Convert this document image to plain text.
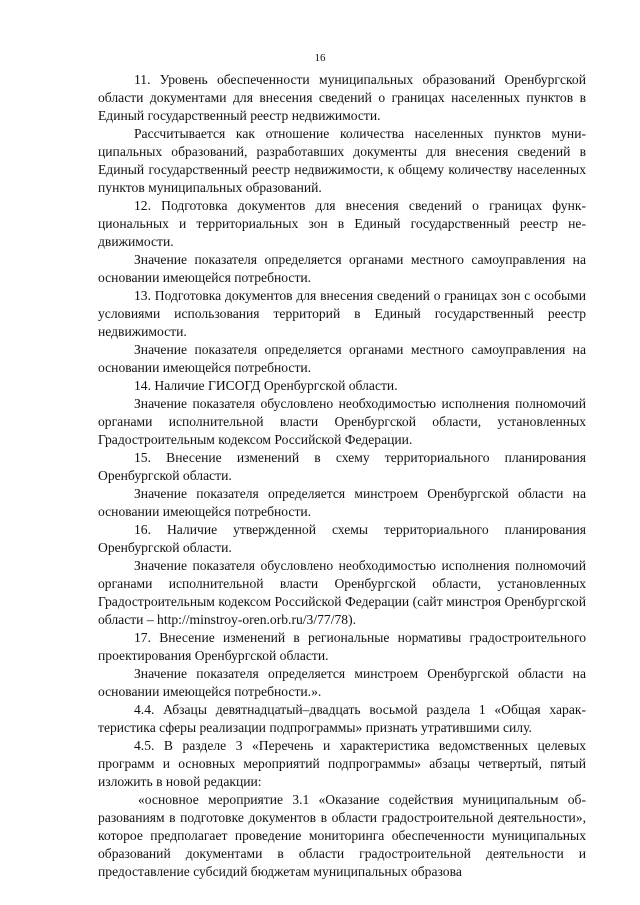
16

11. Уровень обеспеченности муниципальных образований Оренбургской области документами для внесения сведений о границах населенных пунктов в Единый государственный реестр недвижимости.

Рассчитывается как отношение количества населенных пунктов муниципальных образований, разработавших документы для внесения сведений в Единый государственный реестр недвижимости, к общему количеству населенных пунктов муниципальных образований.

12. Подготовка документов для внесения сведений о границах функциональных и территориальных зон в Единый государственный реестр недвижимости.

Значение показателя определяется органами местного самоуправления на основании имеющейся потребности.

13. Подготовка документов для внесения сведений о границах зон с особыми условиями использования территорий в Единый государственный реестр недвижимости.

Значение показателя определяется органами местного самоуправления на основании имеющейся потребности.

14. Наличие ГИСОГД Оренбургской области.

Значение показателя обусловлено необходимостью исполнения полномочий органами исполнительной власти Оренбургской области, установленных Градостроительным кодексом Российской Федерации.

15. Внесение изменений в схему территориального планирования Оренбургской области.

Значение показателя определяется минстроем Оренбургской области на основании имеющейся потребности.

16. Наличие утвержденной схемы территориального планирования Оренбургской области.

Значение показателя обусловлено необходимостью исполнения полномочий органами исполнительной власти Оренбургской области, установленных Градостроительным кодексом Российской Федерации (сайт минстроя Оренбургской области – http://minstroy-oren.orb.ru/3/77/78).

17. Внесение изменений в региональные нормативы градостроительного проектирования Оренбургской области.

Значение показателя определяется минстроем Оренбургской области на основании имеющейся потребности.».

4.4. Абзацы девятнадцатый–двадцать восьмой раздела 1 «Общая характеристика сферы реализации подпрограммы» признать утратившими силу.

4.5. В разделе 3 «Перечень и характеристика ведомственных целевых программ и основных мероприятий подпрограммы» абзацы четвертый, пятый изложить в новой редакции:

«основное мероприятие 3.1 «Оказание содействия муниципальным образованиям в подготовке документов в области градостроительной деятельности», которое предполагает проведение мониторинга обеспеченности муниципальных образований документами в области градостроительной деятельности и предоставление субсидий бюджетам муниципальных образова
